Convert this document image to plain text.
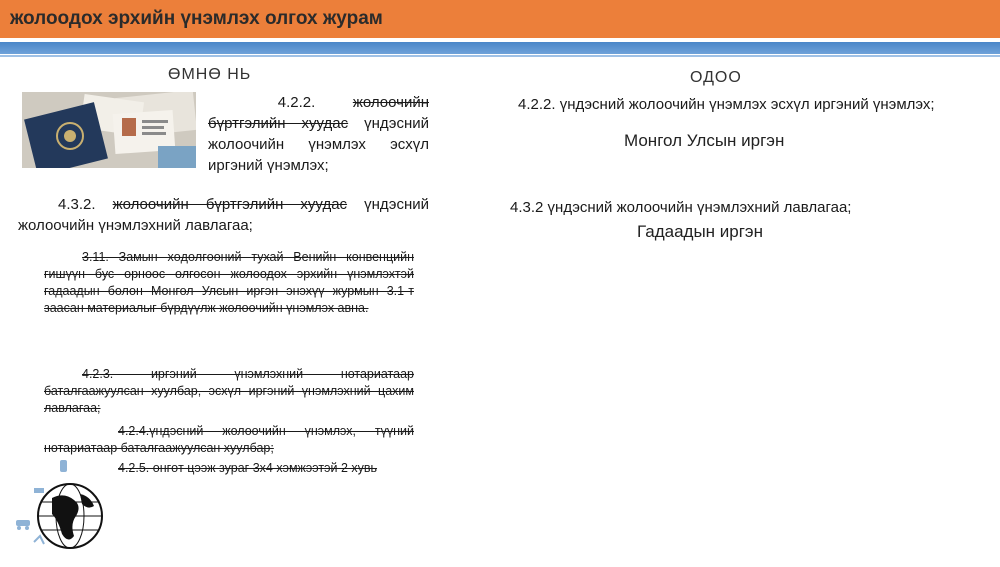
жолоодох эрхийн үнэмлэх олгох журам
ӨМНӨ НЬ
4.2.2.	жолоочийн
бүртгэлийн хуудас үндэсний жолоочийн үнэмлэх эсхүл иргэний үнэмлэх;
4.3.2. жолоочийн бүртгэлийн хуудас үндэсний жолоочийн үнэмлэхний лавлагаа;
3.11. Замын хөдөлгөөний тухай Венийн конвенцийн гишүүн бус орноос олгосон жолоодох эрхийн үнэмлэхтэй гадаадын болон Монгол Улсын иргэн энэхүү журмын 3.1-т заасан материалыг бүрдүүлж жолоочийн үнэмлэх авна.
4.2.3. иргэний үнэмлэхний нотариатаар баталгаажуулсан хуулбар, эсхүл иргэний үнэмлэхний цахим лавлагаа;
4.2.4.үндэсний жолоочийн үнэмлэх, түүний нотариатаар баталгаажуулсан хуулбар;
4.2.5. өнгөт цээж зураг 3х4 хэмжээтэй 2 хувь
ОДОО
4.2.2. үндэсний жолоочийн үнэмлэх эсхүл иргэний үнэмлэх;
Монгол Улсын иргэн
4.3.2 үндэсний жолоочийн үнэмлэхний лавлагаа;
Гадаадын иргэн
